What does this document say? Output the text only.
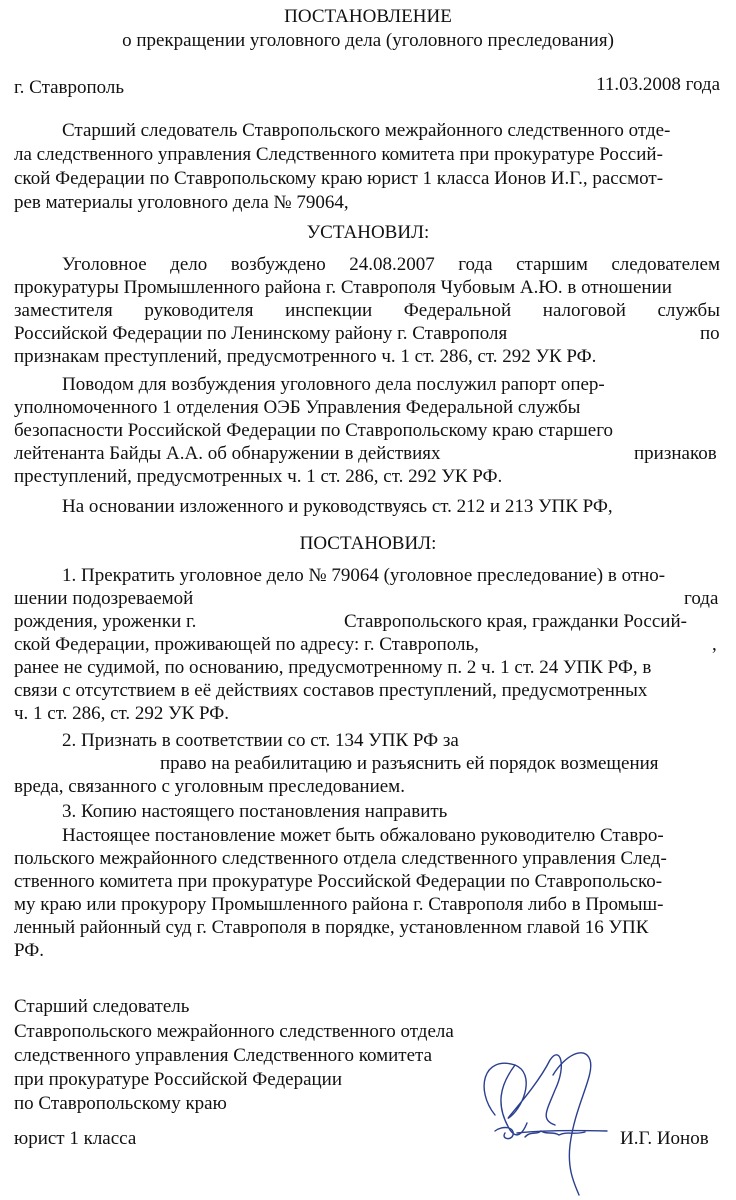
ПОСТАНОВЛЕНИЕ
о прекращении уголовного дела (уголовного преследования)
г. Ставрополь	11.03.2008 года
Старший следователь Ставропольского межрайонного следственного отде-
ла следственного управления Следственного комитета при прокуратуре Россий-
ской Федерации по Ставропольскому краю юрист 1 класса Ионов И.Г., рассмот-
рев материалы уголовного дела № 79064,
УСТАНОВИЛ:
Уголовное дело возбуждено 24.08.2007 года старшим следователем
прокуратуры Промышленного района г. Ставрополя Чубовым А.Ю. в отношении
заместителя руководителя инспекции Федеральной налоговой службы
Российской Федерации по Ленинскому району г. Ставрополя	по
признакам преступлений, предусмотренного ч. 1 ст. 286, ст. 292 УК РФ.
Поводом для возбуждения уголовного дела послужил рапорт опер-
уполномоченного 1 отделения ОЭБ Управления Федеральной службы
безопасности Российской Федерации по Ставропольскому краю старшего
лейтенанта Байды А.А. об обнаружении в действиях	признаков
преступлений, предусмотренных ч. 1 ст. 286, ст. 292 УК РФ.
На основании изложенного и руководствуясь ст. 212 и 213 УПК РФ,
ПОСТАНОВИЛ:
1. Прекратить уголовное дело № 79064 (уголовное преследование) в отно-
шении подозреваемой	года
рождения, уроженки г.	Ставропольского края, гражданки Россий-
ской Федерации, проживающей по адресу: г. Ставрополь,	,
ранее не судимой, по основанию, предусмотренному п. 2 ч. 1 ст. 24 УПК РФ, в
связи с отсутствием в её действиях составов преступлений, предусмотренных
ч. 1 ст. 286, ст. 292 УК РФ.
2. Признать в соответствии со ст. 134 УПК РФ за
право на реабилитацию и разъяснить ей порядок возмещения
вреда, связанного с уголовным преследованием.
3. Копию настоящего постановления направить
Настоящее постановление может быть обжаловано руководителю Ставро-
польского межрайонного следственного отдела следственного управления След-
ственного комитета при прокуратуре Российской Федерации по Ставропольско-
му краю или прокурору Промышленного района г. Ставрополя либо в Промыш-
ленный районный суд г. Ставрополя в порядке, установленном главой 16 УПК
РФ.
Старший следователь
Ставропольского межрайонного следственного отдела
следственного управления Следственного комитета
при прокуратуре Российской Федерации
по Ставропольскому краю
юрист 1 класса	И.Г. Ионов
